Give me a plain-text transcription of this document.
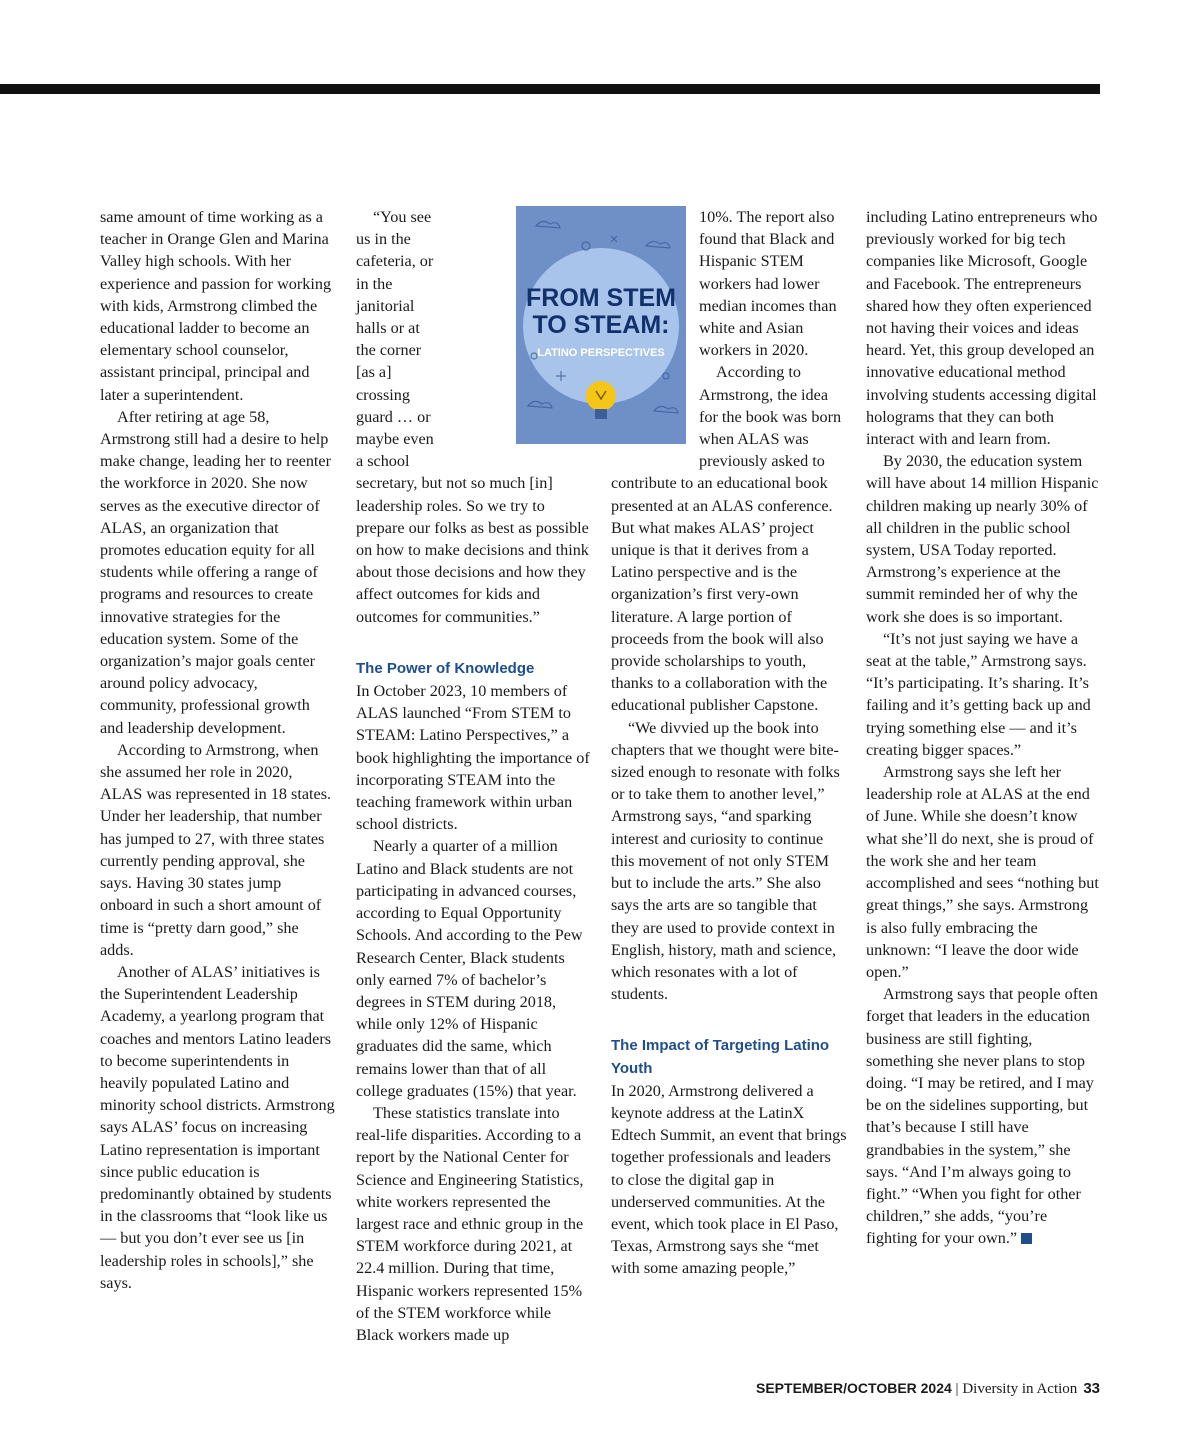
same amount of time working as a teacher in Orange Glen and Marina Valley high schools. With her experience and passion for working with kids, Armstrong climbed the educational ladder to become an elementary school counselor, assistant principal, principal and later a superintendent.

After retiring at age 58, Armstrong still had a desire to help make change, leading her to reenter the workforce in 2020. She now serves as the executive director of ALAS, an organization that promotes education equity for all students while offering a range of programs and resources to create innovative strategies for the education system. Some of the organization’s major goals center around policy advocacy, community, professional growth and leadership development.

According to Armstrong, when she assumed her role in 2020, ALAS was represented in 18 states. Under her leadership, that number has jumped to 27, with three states currently pending approval, she says. Having 30 states jump onboard in such a short amount of time is “pretty darn good,” she adds.

Another of ALAS’ initiatives is the Superintendent Leadership Academy, a yearlong program that coaches and mentors Latino leaders to become superintendents in heavily populated Latino and minority school districts. Armstrong says ALAS’ focus on increasing Latino representation is important since public education is predominantly obtained by students in the classrooms that “look like us — but you don’t ever see us [in leadership roles in schools],” she says.

“You see us in the cafeteria, or in the janitorial halls or at the corner [as a] crossing guard … or maybe even a school secretary, but not so much [in] leadership roles. So we try to prepare our folks as best as possible on how to make decisions and think about those decisions and how they affect outcomes for kids and outcomes for communities.”

The Power of Knowledge

In October 2023, 10 members of ALAS launched “From STEM to STEAM: Latino Perspectives,” a book highlighting the importance of incorporating STEAM into the teaching framework within urban school districts.

Nearly a quarter of a million Latino and Black students are not participating in advanced courses, according to Equal Opportunity Schools. And according to the Pew Research Center, Black students only earned 7% of bachelor’s degrees in STEM during 2018, while only 12% of Hispanic graduates did the same, which remains lower than that of all college graduates (15%) that year.

These statistics translate into real-life disparities. According to a report by the National Center for Science and Engineering Statistics, white workers represented the largest race and ethnic group in the STEM workforce during 2021, at 22.4 million. During that time, Hispanic workers represented 15% of the STEM workforce while Black workers made up

FROM STEM
TO STEAM:
LATINO PERSPECTIVES

10%. The report also found that Black and Hispanic STEM workers had lower median incomes than white and Asian workers in 2020.

According to Armstrong, the idea for the book was born when ALAS was previously asked to contribute to an educational book presented at an ALAS conference. But what makes ALAS’ project unique is that it derives from a Latino perspective and is the organization’s first very-own literature. A large portion of proceeds from the book will also provide scholarships to youth, thanks to a collaboration with the educational publisher Capstone.

“We divvied up the book into chapters that we thought were bite-sized enough to resonate with folks or to take them to another level,” Armstrong says, “and sparking interest and curiosity to continue this movement of not only STEM but to include the arts.” She also says the arts are so tangible that they are used to provide context in English, history, math and science, which resonates with a lot of students.

The Impact of Targeting Latino Youth

In 2020, Armstrong delivered a keynote address at the LatinX Edtech Summit, an event that brings together professionals and leaders to close the digital gap in underserved communities. At the event, which took place in El Paso, Texas, Armstrong says she “met with some amazing people,”

including Latino entrepreneurs who previously worked for big tech companies like Microsoft, Google and Facebook. The entrepreneurs shared how they often experienced not having their voices and ideas heard. Yet, this group developed an innovative educational method involving students accessing digital holograms that they can both interact with and learn from.

By 2030, the education system will have about 14 million Hispanic children making up nearly 30% of all children in the public school system, USA Today reported. Armstrong’s experience at the summit reminded her of why the work she does is so important.

“It’s not just saying we have a seat at the table,” Armstrong says. “It’s participating. It’s sharing. It’s failing and it’s getting back up and trying something else — and it’s creating bigger spaces.”

Armstrong says she left her leadership role at ALAS at the end of June. While she doesn’t know what she’ll do next, she is proud of the work she and her team accomplished and sees “nothing but great things,” she says. Armstrong is also fully embracing the unknown: “I leave the door wide open.”

Armstrong says that people often forget that leaders in the education business are still fighting, something she never plans to stop doing. “I may be retired, and I may be on the sidelines supporting, but that’s because I still have grandbabies in the system,” she says. “And I’m always going to fight.” “When you fight for other children,” she adds, “you’re fighting for your own.”

SEPTEMBER/OCTOBER 2024 | Diversity in Action 33
